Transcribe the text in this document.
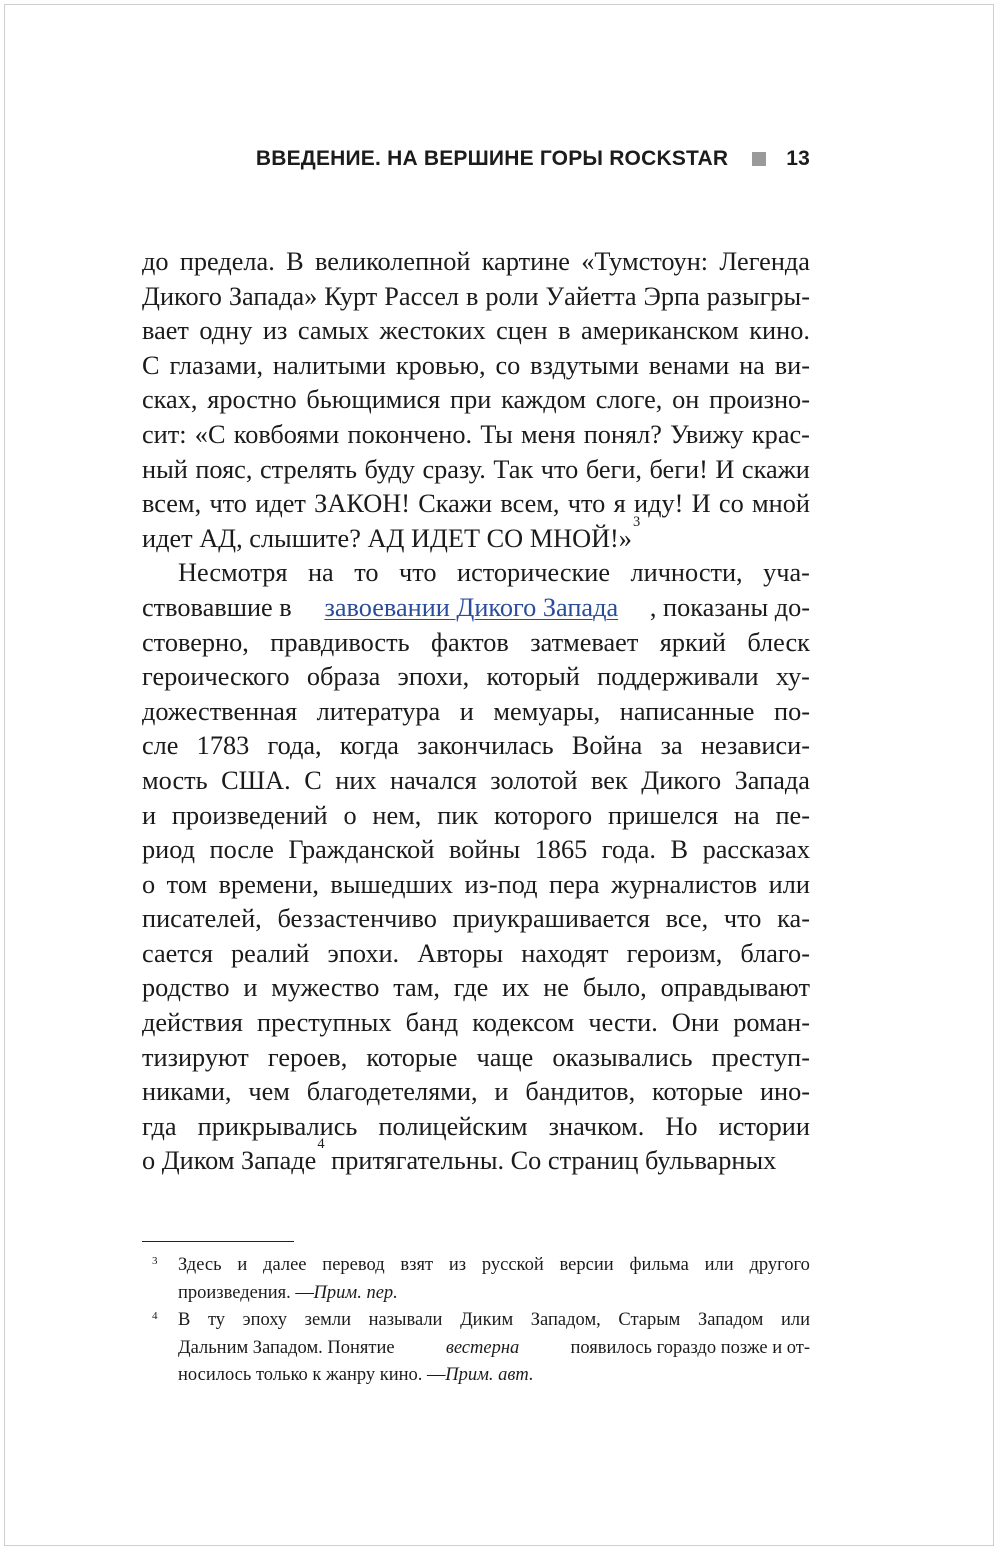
ВВЕДЕНИЕ. НА ВЕРШИНЕ ГОРЫ ROCKSTAR	13
до предела. В великолепной картине «Тумстоун: Легенда
Дикого Запада» Курт Рассел в роли Уайетта Эрпа разыгры-
вает одну из самых жестоких сцен в американском кино.
С глазами, налитыми кровью, со вздутыми венами на ви-
сках, яростно бьющимися при каждом слоге, он произно-
сит: «С ковбоями покончено. Ты меня понял? Увижу крас-
ный пояс, стрелять буду сразу. Так что беги, беги! И скажи
всем, что идет ЗАКОН! Скажи всем, что я иду! И со мной
идет АД, слышите? АД ИДЕТ СО МНОЙ!»
3
Несмотря на то что исторические личности, уча-
ствовавшие в завоевании Дикого Запада , показаны до-
стоверно, правдивость фактов затмевает яркий блеск
героического образа эпохи, который поддерживали ху-
дожественная литература и мемуары, написанные по-
сле 1783 года, когда закончилась Война за независи-
мость США. С них начался золотой век Дикого Запада
и произведений о нем, пик которого пришелся на пе-
риод после Гражданской войны 1865 года. В рассказах
о том времени, вышедших из-под пера журналистов или
писателей, беззастенчиво приукрашивается все, что ка-
сается реалий эпохи. Авторы находят героизм, благо-
родство и мужество там, где их не было, оправдывают
действия преступных банд кодексом чести. Они роман-
тизируют героев, которые чаще оказывались преступ-
никами, чем благодетелями, и бандитов, которые ино-
гда прикрывались полицейским значком. Но истории
о Диком Западе
4

притягательны. Со страниц бульварных
3 Здесь и далее перевод взят из русской версии фильма или другого
произведения. —
Прим. пер.
4 В ту эпоху земли называли Диким Западом, Старым Западом или
Дальним Западом. Понятие	вестерна	появилось гораздо позже и от-
носилось только к жанру кино. —
Прим. авт.
